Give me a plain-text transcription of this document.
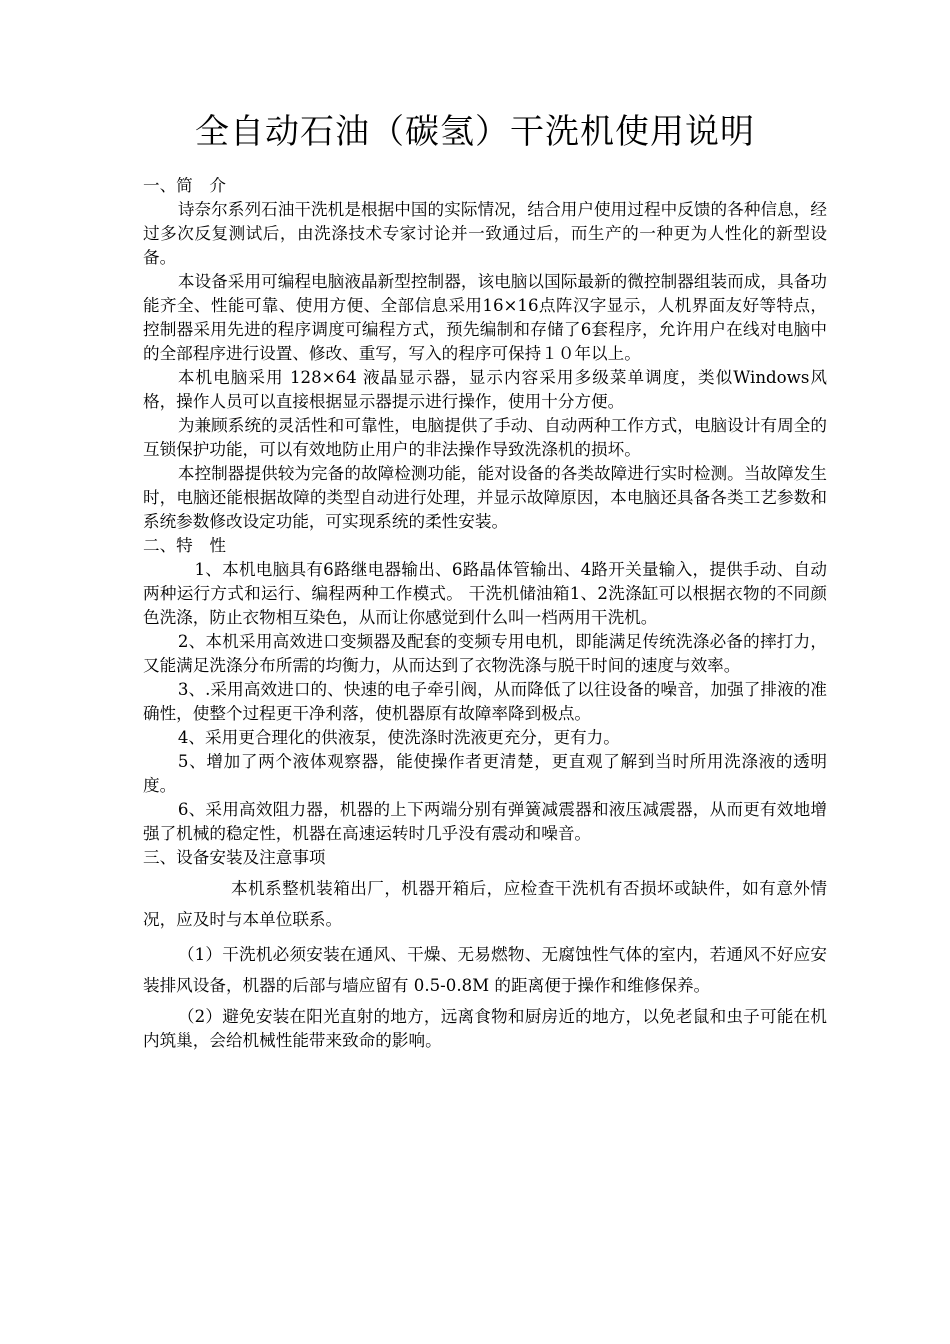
全自动石油（碳氢）干洗机使用说明
一、简　介

诗奈尔系列石油干洗机是根据中国的实际情况，结合用户使用过程中反馈的各种信息，经过多次反复测试后，由洗涤技术专家讨论并一致通过后，而生产的一种更为人性化的新型设备。

本设备采用可编程电脑液晶新型控制器，该电脑以国际最新的微控制器组装而成，具备功能齐全、性能可靠、使用方便、全部信息采用16×16点阵汉字显示，人机界面友好等特点，控制器采用先进的程序调度可编程方式，预先编制和存储了6套程序，允许用户在线对电脑中的全部程序进行设置、修改、重写，写入的程序可保持１０年以上。

本机电脑采用 128×64 液晶显示器，显示内容采用多级菜单调度，类似Windows风格，操作人员可以直接根据显示器提示进行操作，使用十分方便。

为兼顾系统的灵活性和可靠性，电脑提供了手动、自动两种工作方式，电脑设计有周全的互锁保护功能，可以有效地防止用户的非法操作导致洗涤机的损坏。

本控制器提供较为完备的故障检测功能，能对设备的各类故障进行实时检测。当故障发生时，电脑还能根据故障的类型自动进行处理，并显示故障原因，本电脑还具备各类工艺参数和系统参数修改设定功能，可实现系统的柔性安装。

二、特　性

1、本机电脑具有6路继电器输出、6路晶体管输出、4路开关量输入，提供手动、自动两种运行方式和运行、编程两种工作模式。 干洗机储油箱1、2洗涤缸可以根据衣物的不同颜色洗涤，防止衣物相互染色，从而让你感觉到什么叫一档两用干洗机。

2、本机采用高效进口变频器及配套的变频专用电机，即能满足传统洗涤必备的摔打力，又能满足洗涤分布所需的均衡力，从而达到了衣物洗涤与脱干时间的速度与效率。

3、.采用高效进口的、快速的电子牵引阀，从而降低了以往设备的噪音，加强了排液的准确性，使整个过程更干净利落，使机器原有故障率降到极点。

4、采用更合理化的供液泵，使洗涤时洗液更充分，更有力。

5、增加了两个液体观察器，能使操作者更清楚，更直观了解到当时所用洗涤液的透明度。

6、采用高效阻力器，机器的上下两端分别有弹簧减震器和液压减震器，从而更有效地增强了机械的稳定性，机器在高速运转时几乎没有震动和噪音。

三、设备安装及注意事项

本机系整机装箱出厂，机器开箱后，应检查干洗机有否损坏或缺件，如有意外情况，应及时与本单位联系。

（1）干洗机必须安装在通风、干燥、无易燃物、无腐蚀性气体的室内，若通风不好应安装排风设备，机器的后部与墙应留有 0.5-0.8M 的距离便于操作和维修保养。

（2）避免安装在阳光直射的地方，远离食物和厨房近的地方，以免老鼠和虫子可能在机内筑巢，会给机械性能带来致命的影响。
